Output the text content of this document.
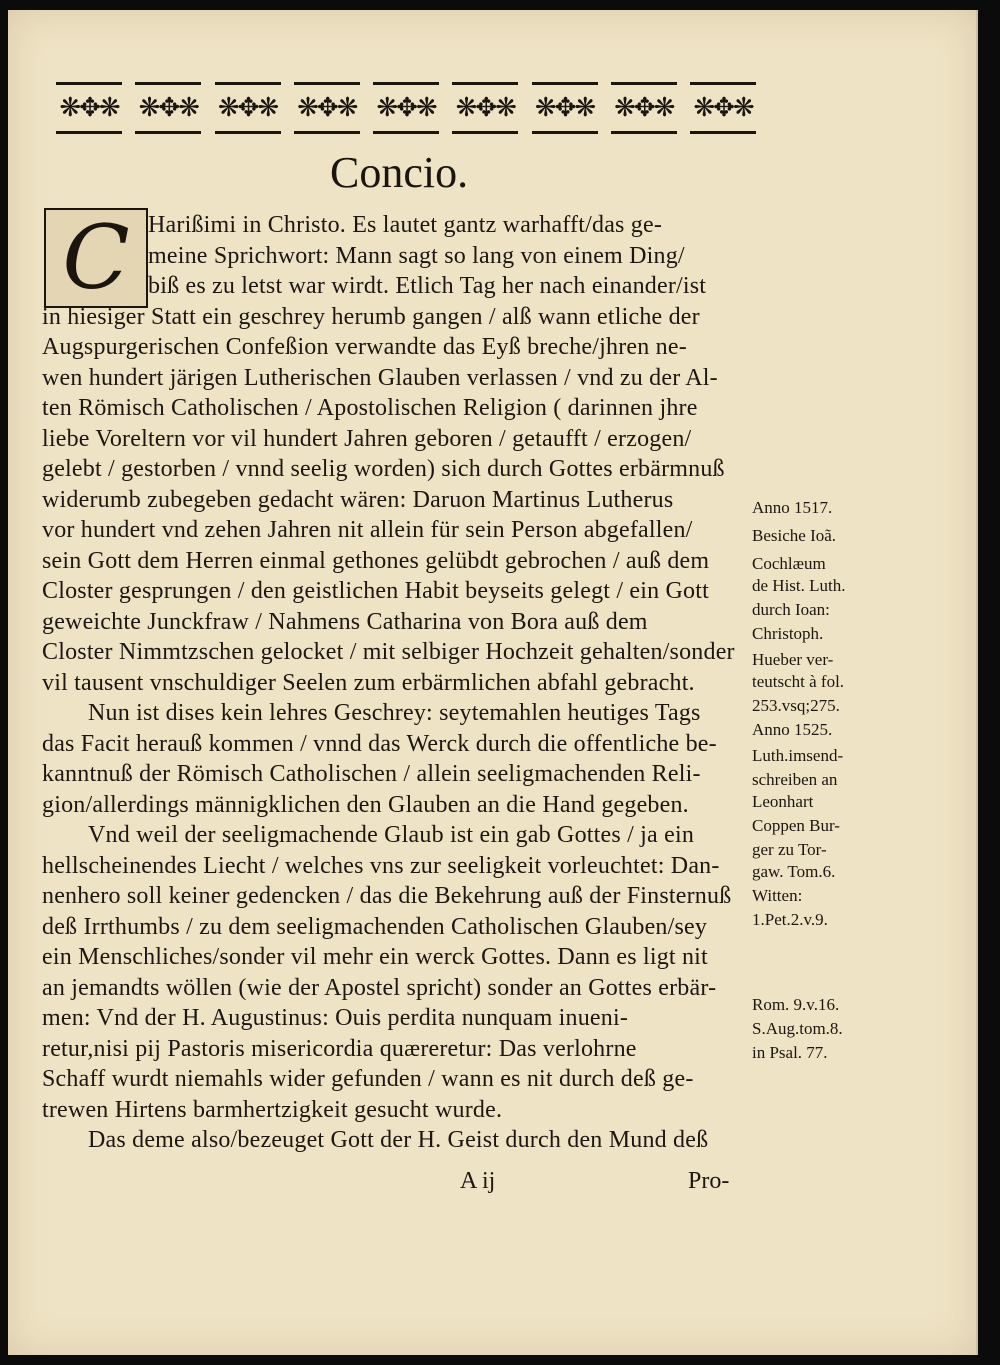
❋✥❋ ❋✥❋ ❋✥❋ ❋✥❋ ❋✥❋ ❋✥❋ ❋✥❋ ❋✥❋ ❋✥❋
Concio.
C Harißimi in Christo. Es lautet gantz warhafft/das ge-
meine Sprichwort: Mann sagt so lang von einem Ding/
biß es zu letst war wirdt. Etlich Tag her nach einander/ist
in hiesiger Statt ein geschrey herumb gangen / alß wann etliche der
Augspurgerischen Confeßion verwandte das Eyß breche/jhren ne-
wen hundert järigen Lutherischen Glauben verlassen / vnd zu der Al-
ten Römisch Catholischen / Apostolischen Religion ( darinnen jhre
liebe Voreltern vor vil hundert Jahren geboren / getaufft / erzogen/
gelebt / gestorben / vnnd seelig worden) sich durch Gottes erbärmnuß
widerumb zubegeben gedacht wären: Daruon Martinus Lutherus
vor hundert vnd zehen Jahren nit allein für sein Person abgefallen/
sein Gott dem Herren einmal gethones gelübdt gebrochen / auß dem
Closter gesprungen / den geistlichen Habit beyseits gelegt / ein Gott
geweichte Junckfraw / Nahmens Catharina von Bora auß dem
Closter Nimmtzschen gelocket / mit selbiger Hochzeit gehalten/sonder
vil tausent vnschuldiger Seelen zum erbärmlichen abfahl gebracht.
Nun ist dises kein lehres Geschrey: seytemahlen heutiges Tags
das Facit herauß kommen / vnnd das Werck durch die offentliche be-
kanntnuß der Römisch Catholischen / allein seeligmachenden Reli-
gion/allerdings männigklichen den Glauben an die Hand gegeben.
Vnd weil der seeligmachende Glaub ist ein gab Gottes / ja ein
hellscheinendes Liecht / welches vns zur seeligkeit vorleuchtet: Dan-
nenhero soll keiner gedencken / das die Bekehrung auß der Finsternuß
deß Irrthumbs / zu dem seeligmachenden Catholischen Glauben/sey
ein Menschliches/sonder vil mehr ein werck Gottes. Dann es ligt nit
an jemandts wöllen (wie der Apostel spricht) sonder an Gottes erbär-
men: Vnd der H. Augustinus: Ouis perdita nunquam inueni-
retur,nisi pij Pastoris misericordia quæreretur: Das verlohrne
Schaff wurdt niemahls wider gefunden / wann es nit durch deß ge-
trewen Hirtens barmhertzigkeit gesucht wurde.
Das deme also/bezeuget Gott der H. Geist durch den Mund deß
Anno 1517.
Besiche Ioã.
Cochlæum
de Hist. Luth.
durch Ioan:
Christoph.
Hueber ver-
teutscht à fol.
253.vsq;275.
Anno 1525.
Luth.imsend-
schreiben an
Leonhart
Coppen Bur-
ger zu Tor-
gaw. Tom.6.
Witten:
1.Pet.2.v.9.
Rom. 9.v.16.
S.Aug.tom.8.
in Psal. 77.
A ij	Pro-
